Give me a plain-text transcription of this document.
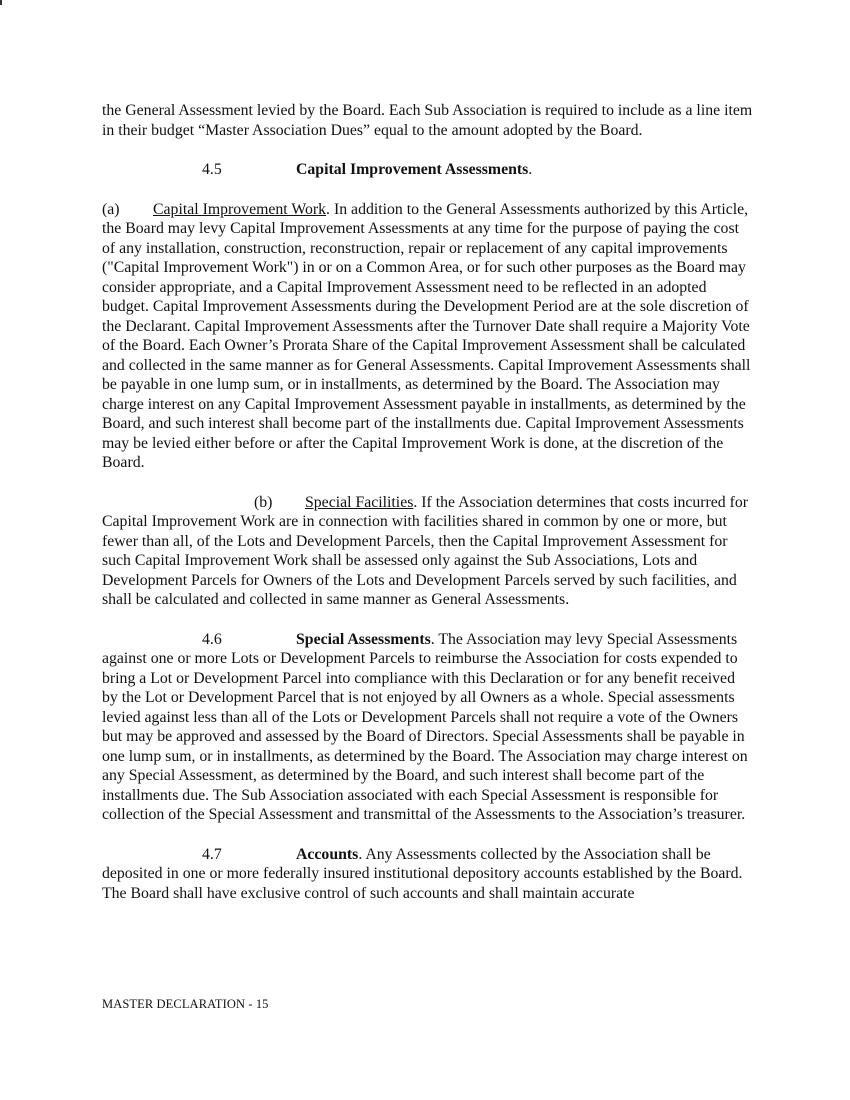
the General Assessment levied by the Board. Each Sub Association is required to include as a line item in their budget “Master Association Dues” equal to the amount adopted by the Board.

4.5	Capital Improvement Assessments.

(a) Capital Improvement Work. In addition to the General Assessments authorized by this Article, the Board may levy Capital Improvement Assessments at any time for the purpose of paying the cost of any installation, construction, reconstruction, repair or replacement of any capital improvements ("Capital Improvement Work") in or on a Common Area, or for such other purposes as the Board may consider appropriate, and a Capital Improvement Assessment need to be reflected in an adopted budget. Capital Improvement Assessments during the Development Period are at the sole discretion of the Declarant. Capital Improvement Assessments after the Turnover Date shall require a Majority Vote of the Board. Each Owner’s Prorata Share of the Capital Improvement Assessment shall be calculated and collected in the same manner as for General Assessments. Capital Improvement Assessments shall be payable in one lump sum, or in installments, as determined by the Board. The Association may charge interest on any Capital Improvement Assessment payable in installments, as determined by the Board, and such interest shall become part of the installments due. Capital Improvement Assessments may be levied either before or after the Capital Improvement Work is done, at the discretion of the Board.

(b) Special Facilities. If the Association determines that costs incurred for Capital Improvement Work are in connection with facilities shared in common by one or more, but fewer than all, of the Lots and Development Parcels, then the Capital Improvement Assessment for such Capital Improvement Work shall be assessed only against the Sub Associations, Lots and Development Parcels for Owners of the Lots and Development Parcels served by such facilities, and shall be calculated and collected in same manner as General Assessments.

4.6	Special Assessments. The Association may levy Special Assessments against one or more Lots or Development Parcels to reimburse the Association for costs expended to bring a Lot or Development Parcel into compliance with this Declaration or for any benefit received by the Lot or Development Parcel that is not enjoyed by all Owners as a whole. Special assessments levied against less than all of the Lots or Development Parcels shall not require a vote of the Owners but may be approved and assessed by the Board of Directors. Special Assessments shall be payable in one lump sum, or in installments, as determined by the Board. The Association may charge interest on any Special Assessment, as determined by the Board, and such interest shall become part of the installments due. The Sub Association associated with each Special Assessment is responsible for collection of the Special Assessment and transmittal of the Assessments to the Association’s treasurer.

4.7	Accounts. Any Assessments collected by the Association shall be deposited in one or more federally insured institutional depository accounts established by the Board. The Board shall have exclusive control of such accounts and shall maintain accurate

MASTER DECLARATION - 15
